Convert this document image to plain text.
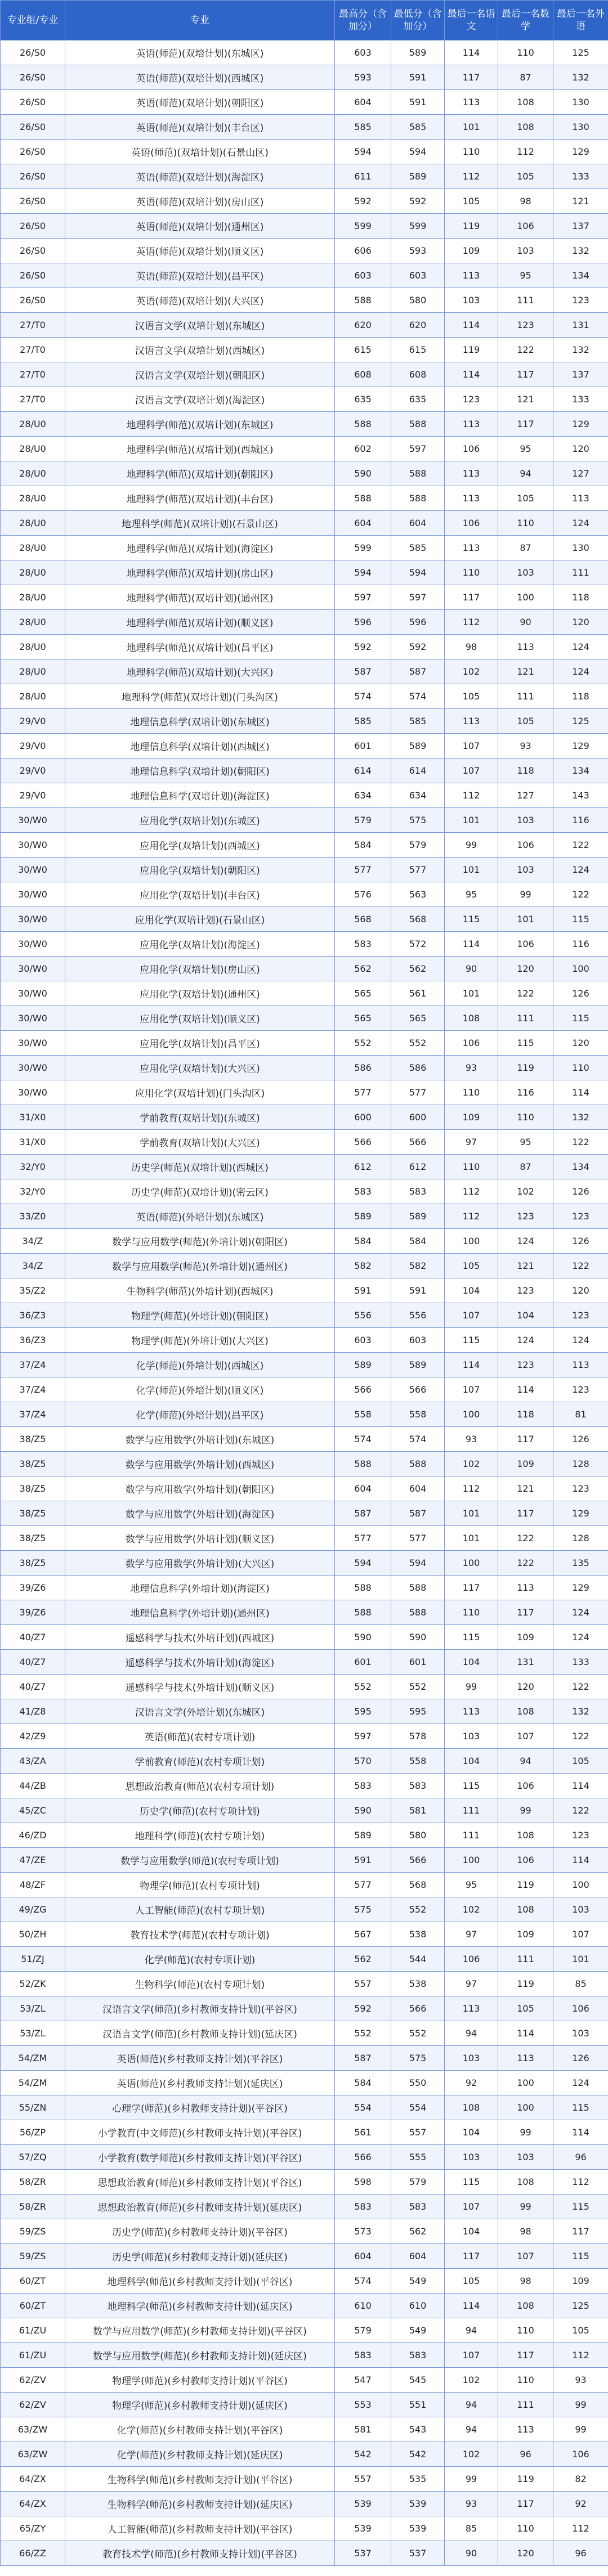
专业组/专业	专业	最高分（含加分）	最低分（含加分）	最后一名语文	最后一名数学	最后一名外语
26/S0	英语(师范)(双培计划)(东城区)	603	589	114	110	125
26/S0	英语(师范)(双培计划)(西城区)	593	591	117	87	132
26/S0	英语(师范)(双培计划)(朝阳区)	604	591	113	108	130
26/S0	英语(师范)(双培计划)(丰台区)	585	585	101	108	130
26/S0	英语(师范)(双培计划)(石景山区)	594	594	110	112	129
26/S0	英语(师范)(双培计划)(海淀区)	611	589	112	105	133
26/S0	英语(师范)(双培计划)(房山区)	592	592	105	98	121
26/S0	英语(师范)(双培计划)(通州区)	599	599	119	106	137
26/S0	英语(师范)(双培计划)(顺义区)	606	593	109	103	132
26/S0	英语(师范)(双培计划)(昌平区)	603	603	113	95	134
26/S0	英语(师范)(双培计划)(大兴区)	588	580	103	111	123
27/T0	汉语言文学(双培计划)(东城区)	620	620	114	123	131
27/T0	汉语言文学(双培计划)(西城区)	615	615	119	122	132
27/T0	汉语言文学(双培计划)(朝阳区)	608	608	114	117	137
27/T0	汉语言文学(双培计划)(海淀区)	635	635	123	121	133
28/U0	地理科学(师范)(双培计划)(东城区)	588	588	113	117	129
28/U0	地理科学(师范)(双培计划)(西城区)	602	597	106	95	120
28/U0	地理科学(师范)(双培计划)(朝阳区)	590	588	113	94	127
28/U0	地理科学(师范)(双培计划)(丰台区)	588	588	113	105	113
28/U0	地理科学(师范)(双培计划)(石景山区)	604	604	106	110	124
28/U0	地理科学(师范)(双培计划)(海淀区)	599	585	113	87	130
28/U0	地理科学(师范)(双培计划)(房山区)	594	594	110	103	111
28/U0	地理科学(师范)(双培计划)(通州区)	597	597	117	100	118
28/U0	地理科学(师范)(双培计划)(顺义区)	596	596	112	90	120
28/U0	地理科学(师范)(双培计划)(昌平区)	592	592	98	113	124
28/U0	地理科学(师范)(双培计划)(大兴区)	587	587	102	121	124
28/U0	地理科学(师范)(双培计划)(门头沟区)	574	574	105	111	118
29/V0	地理信息科学(双培计划)(东城区)	585	585	113	105	125
29/V0	地理信息科学(双培计划)(西城区)	601	589	107	93	129
29/V0	地理信息科学(双培计划)(朝阳区)	614	614	107	118	134
29/V0	地理信息科学(双培计划)(海淀区)	634	634	112	127	143
30/W0	应用化学(双培计划)(东城区)	579	575	101	103	116
30/W0	应用化学(双培计划)(西城区)	584	579	99	106	122
30/W0	应用化学(双培计划)(朝阳区)	577	577	101	103	124
30/W0	应用化学(双培计划)(丰台区)	576	563	95	99	122
30/W0	应用化学(双培计划)(石景山区)	568	568	115	101	115
30/W0	应用化学(双培计划)(海淀区)	583	572	114	106	116
30/W0	应用化学(双培计划)(房山区)	562	562	90	120	100
30/W0	应用化学(双培计划)(通州区)	565	561	101	122	126
30/W0	应用化学(双培计划)(顺义区)	565	565	108	111	115
30/W0	应用化学(双培计划)(昌平区)	552	552	106	115	120
30/W0	应用化学(双培计划)(大兴区)	586	586	93	119	110
30/W0	应用化学(双培计划)(门头沟区)	577	577	110	116	114
31/X0	学前教育(双培计划)(东城区)	600	600	109	110	132
31/X0	学前教育(双培计划)(大兴区)	566	566	97	95	122
32/Y0	历史学(师范)(双培计划)(西城区)	612	612	110	87	134
32/Y0	历史学(师范)(双培计划)(密云区)	583	583	112	102	126
33/Z0	英语(师范)(外培计划)(东城区)	589	589	112	123	123
34/Z	数学与应用数学(师范)(外培计划)(朝阳区)	584	584	100	124	126
34/Z	数学与应用数学(师范)(外培计划)(通州区)	582	582	105	121	122
35/Z2	生物科学(师范)(外培计划)(西城区)	591	591	104	123	120
36/Z3	物理学(师范)(外培计划)(朝阳区)	556	556	107	104	123
36/Z3	物理学(师范)(外培计划)(大兴区)	603	603	115	124	124
37/Z4	化学(师范)(外培计划)(西城区)	589	589	114	123	113
37/Z4	化学(师范)(外培计划)(顺义区)	566	566	107	114	123
37/Z4	化学(师范)(外培计划)(昌平区)	558	558	100	118	81
38/Z5	数学与应用数学(外培计划)(东城区)	574	574	93	117	126
38/Z5	数学与应用数学(外培计划)(西城区)	588	588	102	109	128
38/Z5	数学与应用数学(外培计划)(朝阳区)	604	604	112	121	123
38/Z5	数学与应用数学(外培计划)(海淀区)	587	587	101	117	129
38/Z5	数学与应用数学(外培计划)(顺义区)	577	577	101	122	128
38/Z5	数学与应用数学(外培计划)(大兴区)	594	594	100	122	135
39/Z6	地理信息科学(外培计划)(海淀区)	588	588	117	113	129
39/Z6	地理信息科学(外培计划)(通州区)	588	588	110	117	124
40/Z7	遥感科学与技术(外培计划)(西城区)	590	590	115	109	124
40/Z7	遥感科学与技术(外培计划)(海淀区)	601	601	104	131	133
40/Z7	遥感科学与技术(外培计划)(顺义区)	552	552	99	120	122
41/Z8	汉语言文学(外培计划)(东城区)	595	595	113	108	132
42/Z9	英语(师范)(农村专项计划)	597	578	103	107	122
43/ZA	学前教育(师范)(农村专项计划)	570	558	104	94	105
44/ZB	思想政治教育(师范)(农村专项计划)	583	583	115	106	114
45/ZC	历史学(师范)(农村专项计划)	590	581	111	99	122
46/ZD	地理科学(师范)(农村专项计划)	589	580	111	108	123
47/ZE	数学与应用数学(师范)(农村专项计划)	591	566	100	106	114
48/ZF	物理学(师范)(农村专项计划)	577	568	95	119	100
49/ZG	人工智能(师范)(农村专项计划)	575	552	102	108	103
50/ZH	教育技术学(师范)(农村专项计划)	567	538	97	109	107
51/ZJ	化学(师范)(农村专项计划)	562	544	106	111	101
52/ZK	生物科学(师范)(农村专项计划)	557	538	97	119	85
53/ZL	汉语言文学(师范)(乡村教师支持计划)(平谷区)	592	566	113	105	106
53/ZL	汉语言文学(师范)(乡村教师支持计划)(延庆区)	552	552	94	114	103
54/ZM	英语(师范)(乡村教师支持计划)(平谷区)	587	575	103	113	126
54/ZM	英语(师范)(乡村教师支持计划)(延庆区)	584	550	92	100	124
55/ZN	心理学(师范)(乡村教师支持计划)(平谷区)	554	554	108	100	115
56/ZP	小学教育(中文师范)(乡村教师支持计划)(平谷区)	561	557	104	99	114
57/ZQ	小学教育(数学师范)(乡村教师支持计划)(平谷区)	566	555	103	103	96
58/ZR	思想政治教育(师范)(乡村教师支持计划)(平谷区)	598	579	115	108	112
58/ZR	思想政治教育(师范)(乡村教师支持计划)(延庆区)	583	583	107	99	115
59/ZS	历史学(师范)(乡村教师支持计划)(平谷区)	573	562	104	98	117
59/ZS	历史学(师范)(乡村教师支持计划)(延庆区)	604	604	117	107	115
60/ZT	地理科学(师范)(乡村教师支持计划)(平谷区)	574	549	105	98	109
60/ZT	地理科学(师范)(乡村教师支持计划)(延庆区)	610	610	114	108	125
61/ZU	数学与应用数学(师范)(乡村教师支持计划)(平谷区)	579	549	94	110	105
61/ZU	数学与应用数学(师范)(乡村教师支持计划)(延庆区)	583	583	107	117	112
62/ZV	物理学(师范)(乡村教师支持计划)(平谷区)	547	545	102	110	93
62/ZV	物理学(师范)(乡村教师支持计划)(延庆区)	553	551	94	111	99
63/ZW	化学(师范)(乡村教师支持计划)(平谷区)	581	543	94	113	99
63/ZW	化学(师范)(乡村教师支持计划)(延庆区)	542	542	102	96	106
64/ZX	生物科学(师范)(乡村教师支持计划)(平谷区)	557	535	99	119	82
64/ZX	生物科学(师范)(乡村教师支持计划)(延庆区)	539	539	93	117	92
65/ZY	人工智能(师范)(乡村教师支持计划)(平谷区)	539	539	85	110	112
66/ZZ	教育技术学(师范)(乡村教师支持计划)(平谷区)	537	537	90	120	96
